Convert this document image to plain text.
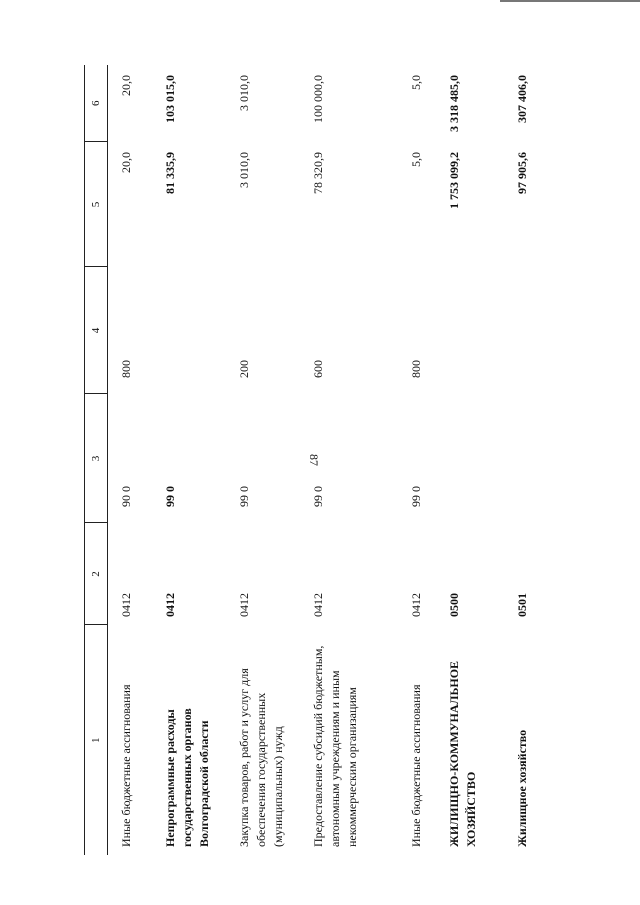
87
1	2	3	4	5	6
Иные бюджетные ассигнования	0412	90 0	800	20,0	20,0
Непрограммные расходы государственных органов Волгоградской области	0412	99 0		81 335,9	103 015,0
Закупка товаров, работ и услуг для обеспечения государственных (муниципальных) нужд	0412	99 0	200	3 010,0	3 010,0
Предоставление субсидий бюджетным, автономным учреждениям и иным некоммерческим организациям	0412	99 0	600	78 320,9	100 000,0
Иные бюджетные ассигнования	0412	99 0	800	5,0	5,0
ЖИЛИЩНО-КОММУНАЛЬНОЕ ХОЗЯЙСТВО	0500			1 753 099,2	3 318 485,0
Жилищное хозяйство	0501			97 905,6	307 406,0
